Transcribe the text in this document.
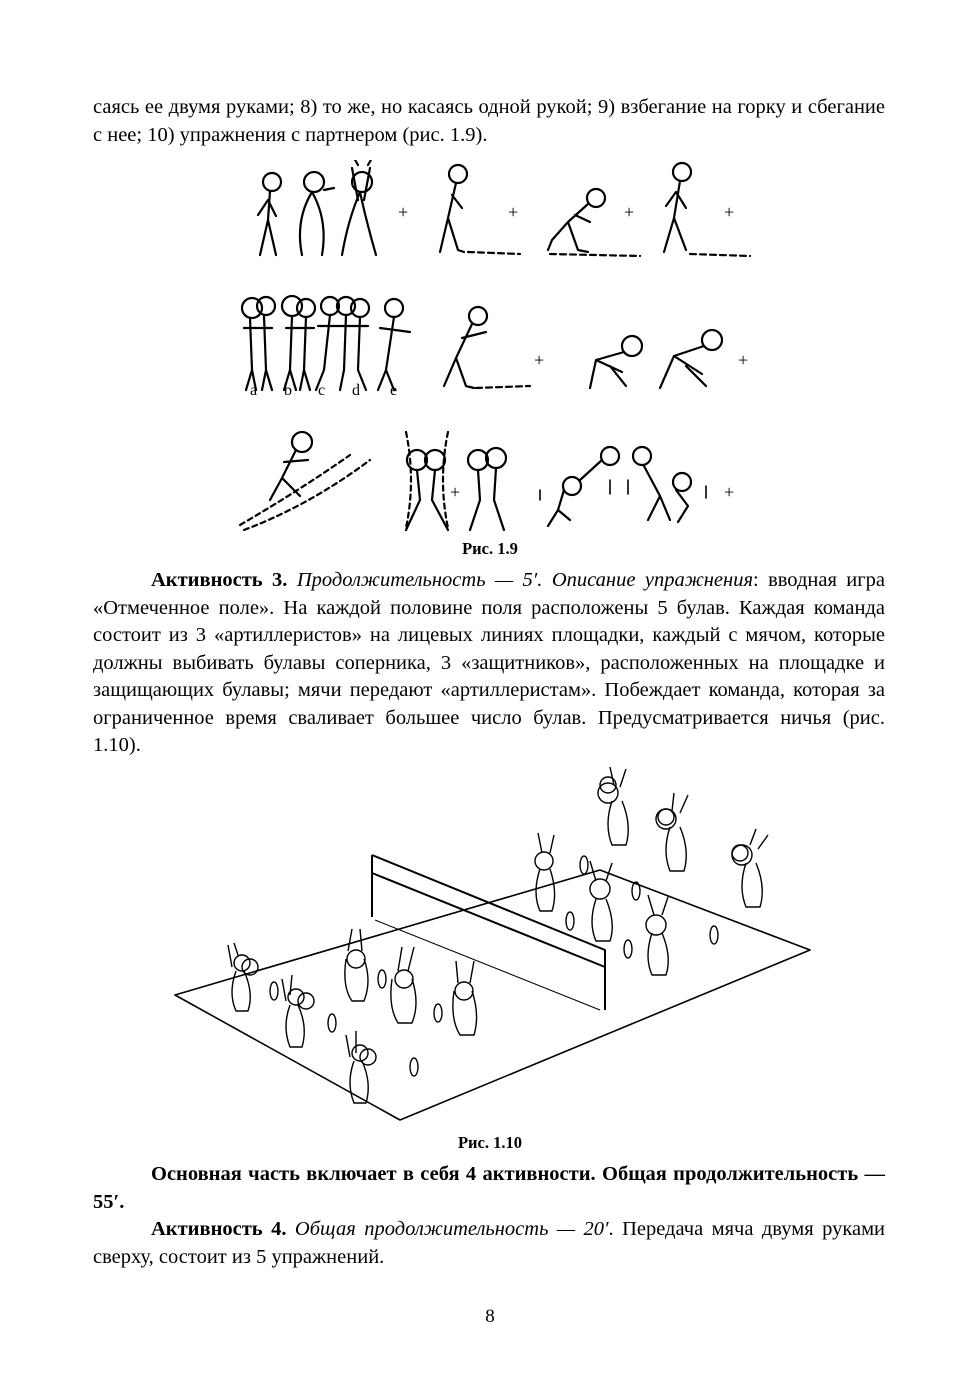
саясь ее двумя руками; 8) то же, но касаясь одной рукой; 9) взбегание на горку и сбегание с нее; 10) упражнения с партнером (рис. 1.9).

+	+	+	+
+	+
+	+
a b c d e
Рис. 1.9

Активность 3. Продолжительность — 5′. Описание упражнения: вводная игра «Отмеченное поле». На каждой половине поля расположены 5 булав. Каждая команда состоит из 3 «артиллеристов» на лицевых линиях площадки, каждый с мячом, которые должны выбивать булавы соперника, 3 «защитников», расположенных на площадке и защищающих булавы; мячи передают «артиллеристам». Побеждает команда, которая за ограниченное время сваливает большее число булав. Предусматривается ничья (рис. 1.10).

Рис. 1.10

Основная часть включает в себя 4 активности. Общая продолжительность — 55′.

Активность 4. Общая продолжительность — 20′. Передача мяча двумя руками сверху, состоит из 5 упражнений.

8
